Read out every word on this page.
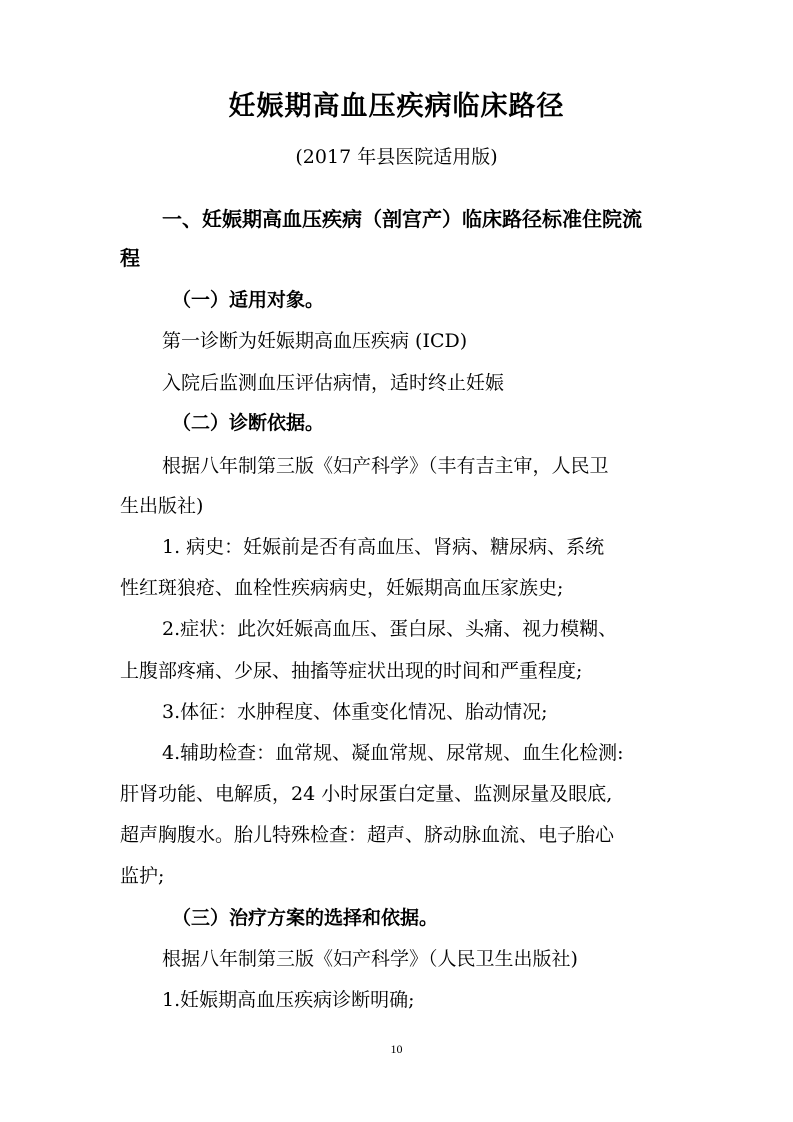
妊娠期高血压疾病临床路径

(2017 年县医院适用版)

一、妊娠期高血压疾病（剖宫产）临床路径标准住院流

程

（一）适用对象。

第一诊断为妊娠期高血压疾病 (ICD)

入院后监测血压评估病情，适时终止妊娠

（二）诊断依据。

根据八年制第三版《妇产科学》（丰有吉主审，人民卫

生出版社)

1. 病史：妊娠前是否有高血压、肾病、糖尿病、系统

性红斑狼疮、血栓性疾病病史，妊娠期高血压家族史;

2.症状：此次妊娠高血压、蛋白尿、头痛、视力模糊、

上腹部疼痛、少尿、抽搐等症状出现的时间和严重程度;

3.体征：水肿程度、体重变化情况、胎动情况;

4.辅助检查：血常规、凝血常规、尿常规、血生化检测:

肝肾功能、电解质，24 小时尿蛋白定量、监测尿量及眼底,

超声胸腹水。胎儿特殊检查：超声、脐动脉血流、电子胎心

监护;

（三）治疗方案的选择和依据。

根据八年制第三版《妇产科学》（人民卫生出版社)

1.妊娠期高血压疾病诊断明确;

10
